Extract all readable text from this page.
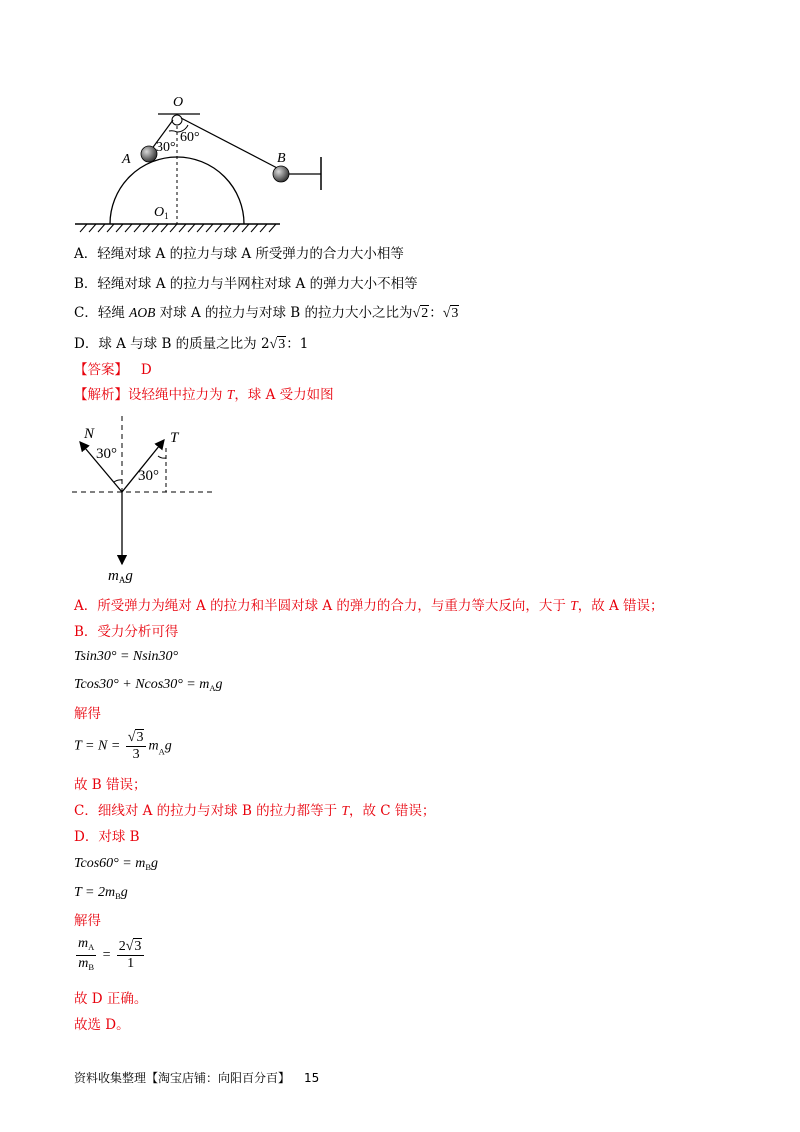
O
A	B
60°
30°
$O_1$
A．轻绳对球 A 的拉力与球 A 所受弹力的合力大小相等
B．轻绳对球 A 的拉力与半网柱对球 A 的弹力大小不相等
C．轻绳 AOB 对球 A 的拉力与对球 B 的拉力大小之比为√2：√3
D．球 A 与球 B 的质量之比为 2√3：1
【答案】 D
【解析】设轻绳中拉力为 T，球 A 受力如图
N	T
30°
30°
$m_Ag$
A．所受弹力为绳对 A 的拉力和半圆对球 A 的弹力的合力，与重力等大反向，大于 T，故 A 错误；
B．受力分析可得
Tsin30° = Nsin30°
$Tcos30^\circ + Ncos30^\circ = m_Ag$
解得
$T = N = \frac{√3}{3} m_Ag$
故 B 错误；
C．细线对 A 的拉力与对球 B 的拉力都等于 T，故 C 错误；
D．对球 B
$Tcos60^\circ = m_Bg$
$T = 2m_Bg$
解得
$\frac{m_A}{m_B} = \frac{2√3}{1}$
故 D 正确。
故选 D。
资料收集整理【淘宝店铺：向阳百分百】 15
